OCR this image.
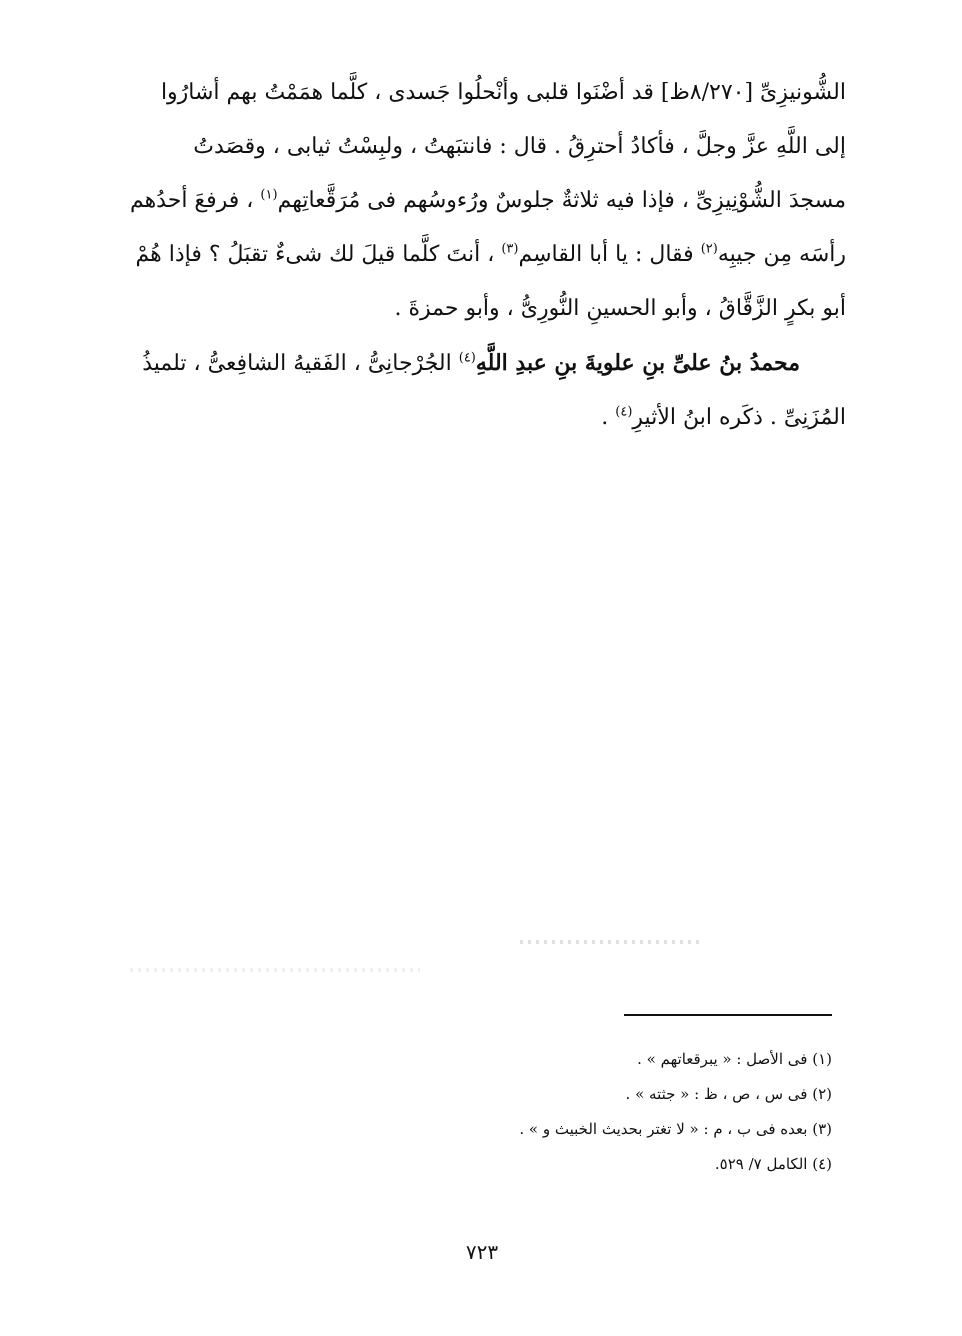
الشُّونيزِىِّ [٨/٢٧٠ظ] قد أضْنَوا قلبى وأنْحلُوا جَسدى ، كلَّما همَمْتُ بهم أشارُوا
إلى اللَّهِ عزَّ وجلَّ ، فأكادُ أحترِقُ . قال : فانتبَهتُ ، ولبِسْتُ ثيابى ، وقصَدتُ
مسجدَ الشُّوْنِيزِىِّ ، فإذا فيه ثلاثةٌ جلوسٌ ورُءوسُهم فى مُرَقَّعاتِهم$^{(١)}$ ، فرفعَ أحدُهم
رأسَه مِن جيبِه$^{(٢)}$ فقال : يا أبا القاسِم$^{(٣)}$ ، أنتَ كلَّما قيلَ لك شىءٌ تقبَلُ ؟ فإذا هُمْ
أبو بكرٍ الزَّقَّاقُ ، وأبو الحسينِ النُّورِىُّ ، وأبو حمزةَ .

محمدُ بنُ علىِّ بنِ علويةَ بنِ عبدِ اللَّهِ$^{(٤)}$ الجُرْجانِىُّ ، الفَقيهُ الشافِعىُّ ، تلميذُ

المُزَنِىِّ . ذكَره ابنُ الأثيرِ$^{(٤)}$ .

(١) فى الأصل : « يبرقعاتهم » .
(٢) فى س ، ص ، ظ : « جثته » .
(٣) بعده فى ب ، م : « لا تغتر بحديث الخبيث و » .
(٤) الكامل ٧/ ٥٢٩.
٧٢٣
